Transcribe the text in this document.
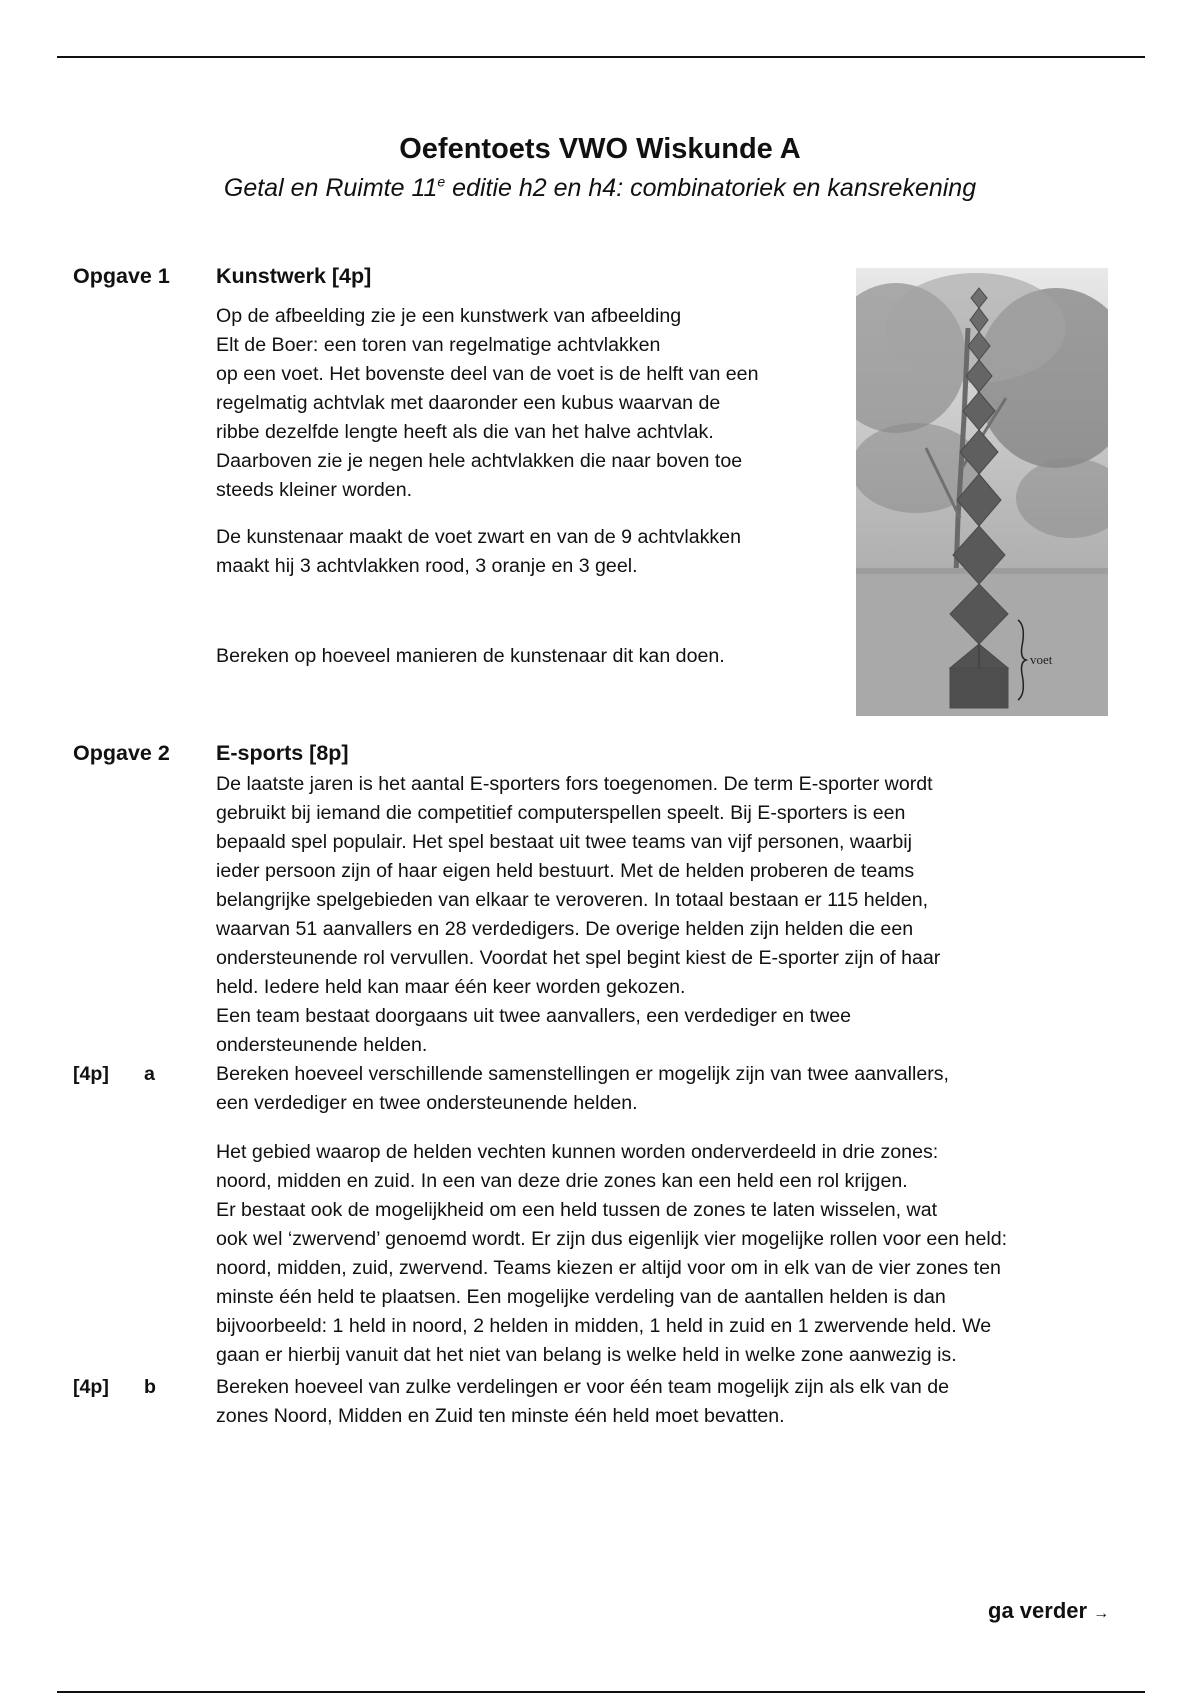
Oefentoets VWO Wiskunde A

Getal en Ruimte 11e editie h2 en h4: combinatoriek en kansrekening

Opgave 1 Kunstwerk [4p]
Op de afbeelding zie je een kunstwerk van afbeelding
Elt de Boer: een toren van regelmatige achtvlakken
op een voet. Het bovenste deel van de voet is de helft van een
regelmatig achtvlak met daaronder een kubus waarvan de
ribbe dezelfde lengte heeft als die van het halve achtvlak.
Daarboven zie je negen hele achtvlakken die naar boven toe
steeds kleiner worden.
De kunstenaar maakt de voet zwart en van de 9 achtvlakken
maakt hij 3 achtvlakken rood, 3 oranje en 3 geel.
Bereken op hoeveel manieren de kunstenaar dit kan doen.	voet
Opgave 2 E-sports [8p]
De laatste jaren is het aantal E-sporters fors toegenomen. De term E-sporter wordt
gebruikt bij iemand die competitief computerspellen speelt. Bij E-sporters is een
bepaald spel populair. Het spel bestaat uit twee teams van vijf personen, waarbij
ieder persoon zijn of haar eigen held bestuurt. Met de helden proberen de teams
belangrijke spelgebieden van elkaar te veroveren. In totaal bestaan er 115 helden,
waarvan 51 aanvallers en 28 verdedigers. De overige helden zijn helden die een
ondersteunende rol vervullen. Voordat het spel begint kiest de E-sporter zijn of haar
held. Iedere held kan maar één keer worden gekozen.
Een team bestaat doorgaans uit twee aanvallers, een verdediger en twee
ondersteunende helden.
[4p] a	Bereken hoeveel verschillende samenstellingen er mogelijk zijn van twee aanvallers,
een verdediger en twee ondersteunende helden.
Het gebied waarop de helden vechten kunnen worden onderverdeeld in drie zones:
noord, midden en zuid. In een van deze drie zones kan een held een rol krijgen.
Er bestaat ook de mogelijkheid om een held tussen de zones te laten wisselen, wat
ook wel ‘zwervend’ genoemd wordt. Er zijn dus eigenlijk vier mogelijke rollen voor een held:
noord, midden, zuid, zwervend. Teams kiezen er altijd voor om in elk van de vier zones ten
minste één held te plaatsen. Een mogelijke verdeling van de aantallen helden is dan
bijvoorbeeld: 1 held in noord, 2 helden in midden, 1 held in zuid en 1 zwervende held. We
gaan er hierbij vanuit dat het niet van belang is welke held in welke zone aanwezig is.
[4p] b	Bereken hoeveel van zulke verdelingen er voor één team mogelijk zijn als elk van de
zones Noord, Midden en Zuid ten minste één held moet bevatten.
ga verder →
